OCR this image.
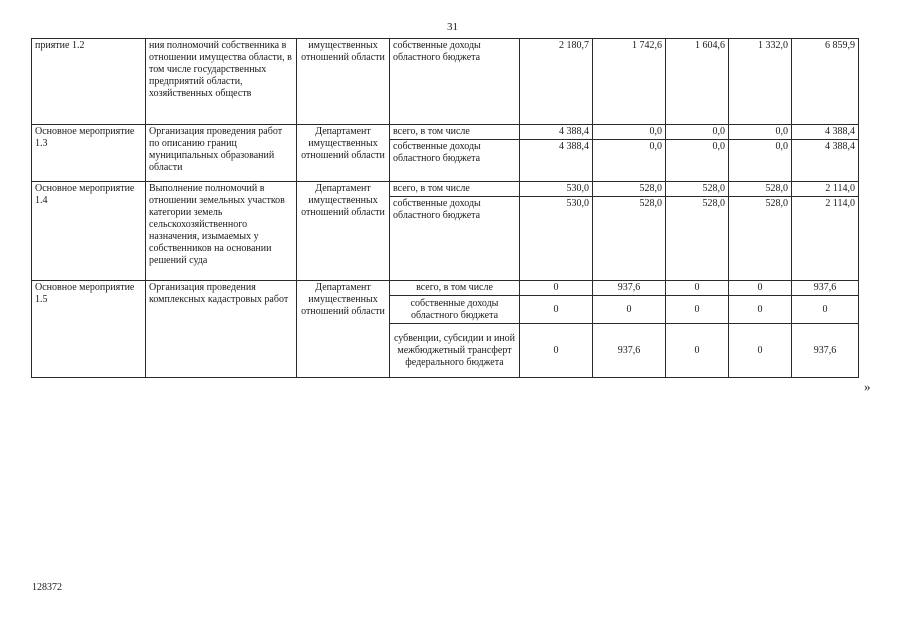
31
приятие 1.2	ния полномочий собственника в отношении имущества области, в том числе государственных предприятий области, хозяйственных обществ	имущественных отношений области	собственные доходы областного бюджета	2 180,7	1 742,6	1 604,6	1 332,0	6 859,9
Основное мероприятие 1.3	Организация проведения работ по описанию границ муниципальных образований области	Департамент имущественных отношений области	всего, в том числе	4 388,4	0,0	0,0	0,0	4 388,4
			собственные доходы областного бюджета	4 388,4	0,0	0,0	0,0	4 388,4
Основное мероприятие 1.4	Выполнение полномочий в отношении земельных участков категории земель сельскохозяйственного назначения, изымаемых у собственников на основании решений суда	Департамент имущественных отношений области	всего, в том числе	530,0	528,0	528,0	528,0	2 114,0
			собственные доходы областного бюджета	530,0	528,0	528,0	528,0	2 114,0
Основное мероприятие 1.5	Организация проведения комплексных кадастровых работ	Департамент имущественных отношений области	всего, в том числе	0	937,6	0	0	937,6
			собственные доходы областного бюджета	0	0	0	0	0
			субвенции, субсидии и иной межбюджетный трансферт федерального бюджета	0	937,6	0	0	937,6
»
128372
